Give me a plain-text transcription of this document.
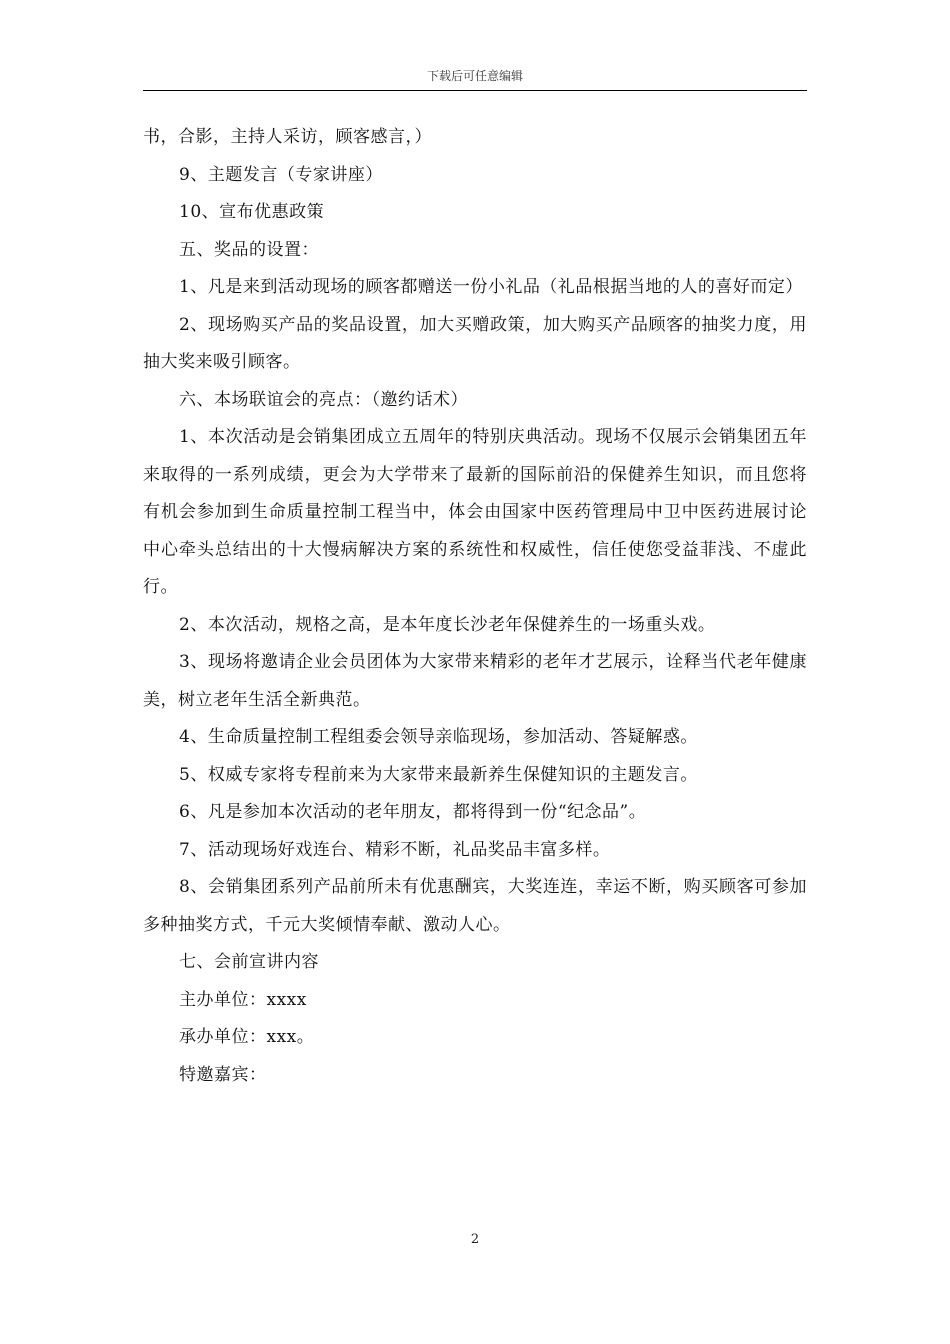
下载后可任意编辑

书，合影，主持人采访，顾客感言，）

9、主题发言（专家讲座）

10、宣布优惠政策

五、奖品的设置：

1、凡是来到活动现场的顾客都赠送一份小礼品（礼品根据当地的人的喜好而定）

2、现场购买产品的奖品设置，加大买赠政策，加大购买产品顾客的抽奖力度，用抽大奖来吸引顾客。

六、本场联谊会的亮点：（邀约话术）

1、本次活动是会销集团成立五周年的特别庆典活动。现场不仅展示会销集团五年来取得的一系列成绩，更会为大学带来了最新的国际前沿的保健养生知识，而且您将有机会参加到生命质量控制工程当中，体会由国家中医药管理局中卫中医药进展讨论中心牵头总结出的十大慢病解决方案的系统性和权威性，信任使您受益菲浅、不虚此行。

2、本次活动，规格之高，是本年度长沙老年保健养生的一场重头戏。

3、现场将邀请企业会员团体为大家带来精彩的老年才艺展示，诠释当代老年健康美，树立老年生活全新典范。

4、生命质量控制工程组委会领导亲临现场，参加活动、答疑解惑。

5、权威专家将专程前来为大家带来最新养生保健知识的主题发言。

6、凡是参加本次活动的老年朋友，都将得到一份“纪念品”。

7、活动现场好戏连台、精彩不断，礼品奖品丰富多样。

8、会销集团系列产品前所未有优惠酬宾，大奖连连，幸运不断，购买顾客可参加多种抽奖方式，千元大奖倾情奉献、激动人心。

七、会前宣讲内容

主办单位：xxxx

承办单位：xxx。

特邀嘉宾：

2
